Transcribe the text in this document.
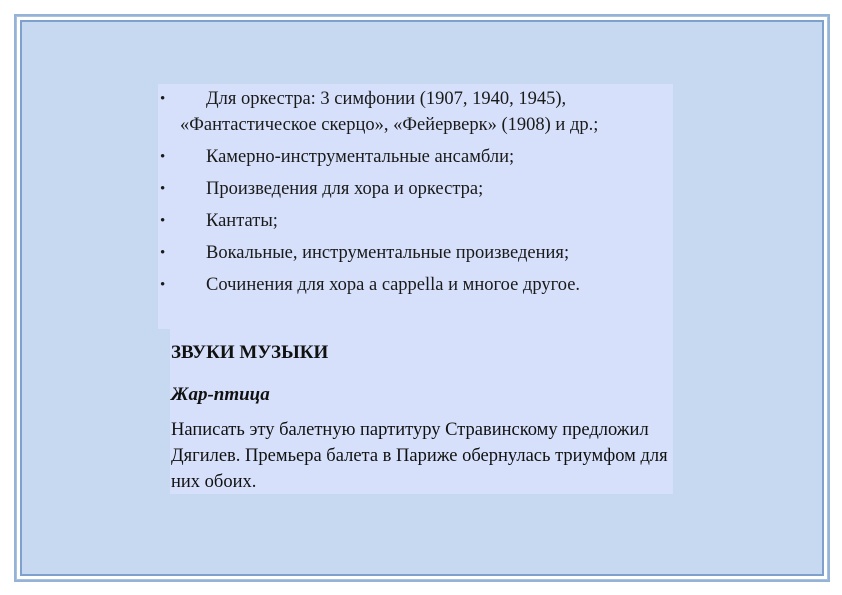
•	Для оркестра: 3 симфонии (1907, 1940, 1945), «Фантастическое скерцо», «Фейерверк» (1908) и др.;
•	Камерно-инструментальные ансамбли;
•	Произведения для хора и оркестра;
•	Кантаты;
•	Вокальные, инструментальные произведения;
•	Сочинения для хора a cappella и многое другое.
ЗВУКИ МУЗЫКИ
Жар-птица

Написать эту балетную партитуру Стравинскому предложил Дягилев. Премьера балета в Париже обернулась триумфом для них обоих.
